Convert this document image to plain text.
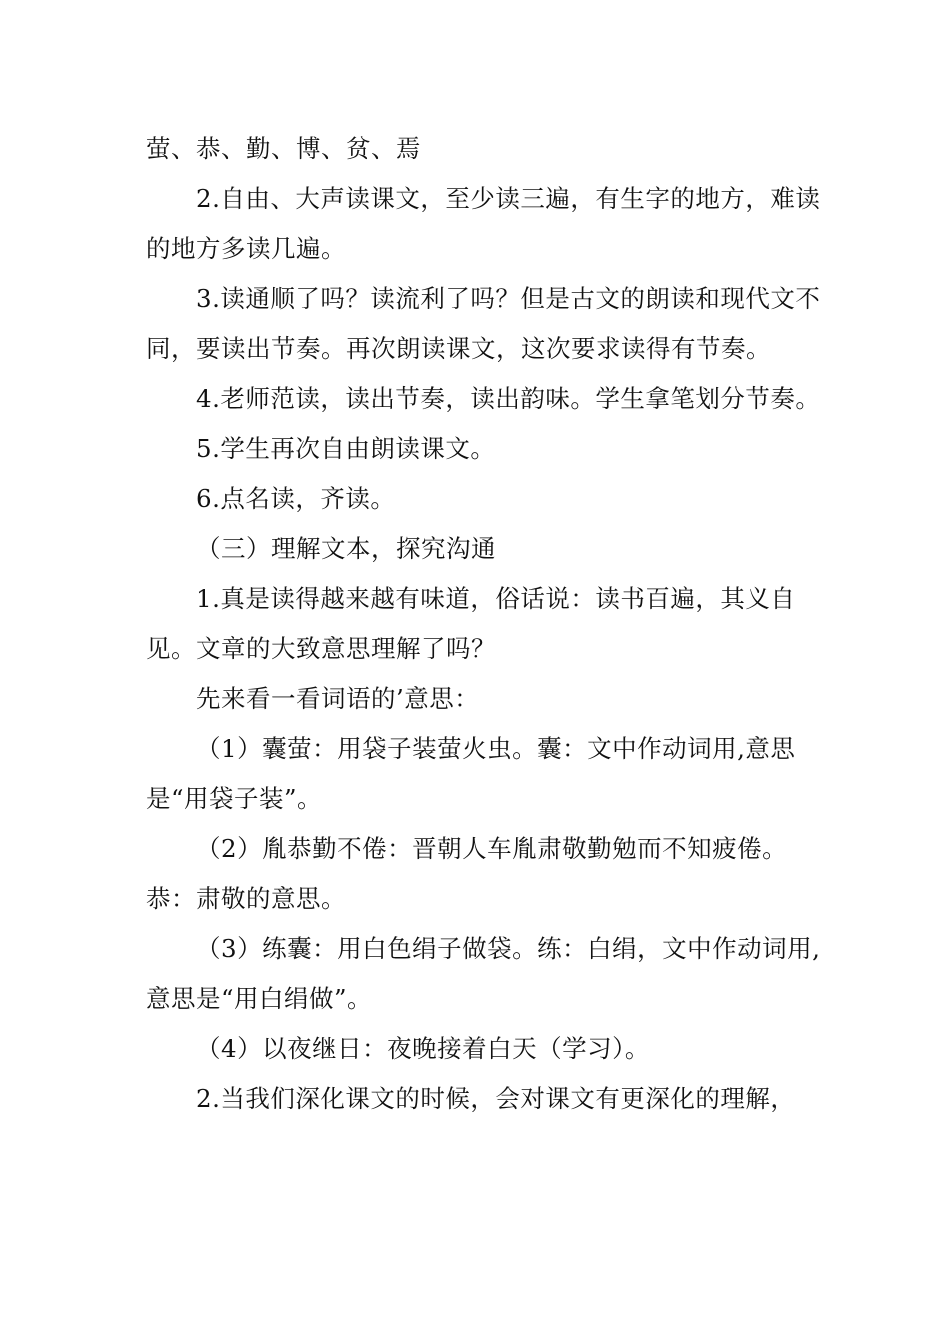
萤、恭、勤、博、贫、焉

2.自由、大声读课文，至少读三遍，有生字的地方，难读的地方多读几遍。

3.读通顺了吗？读流利了吗？但是古文的朗读和现代文不同，要读出节奏。再次朗读课文，这次要求读得有节奏。

4.老师范读，读出节奏，读出韵味。学生拿笔划分节奏。

5.学生再次自由朗读课文。

6.点名读，齐读。

（三）理解文本，探究沟通

1.真是读得越来越有味道，俗话说：读书百遍，其义自见。文章的大致意思理解了吗？

先来看一看词语的’意思：

（1）囊萤：用袋子装萤火虫。囊：文中作动词用,意思是“用袋子装”。

（2）胤恭勤不倦：晋朝人车胤肃敬勤勉而不知疲倦。恭：肃敬的意思。

（3）练囊：用白色绢子做袋。练：白绢，文中作动词用,意思是“用白绢做”。

（4）以夜继日：夜晚接着白天（学习）。

2.当我们深化课文的时候，会对课文有更深化的理解，
